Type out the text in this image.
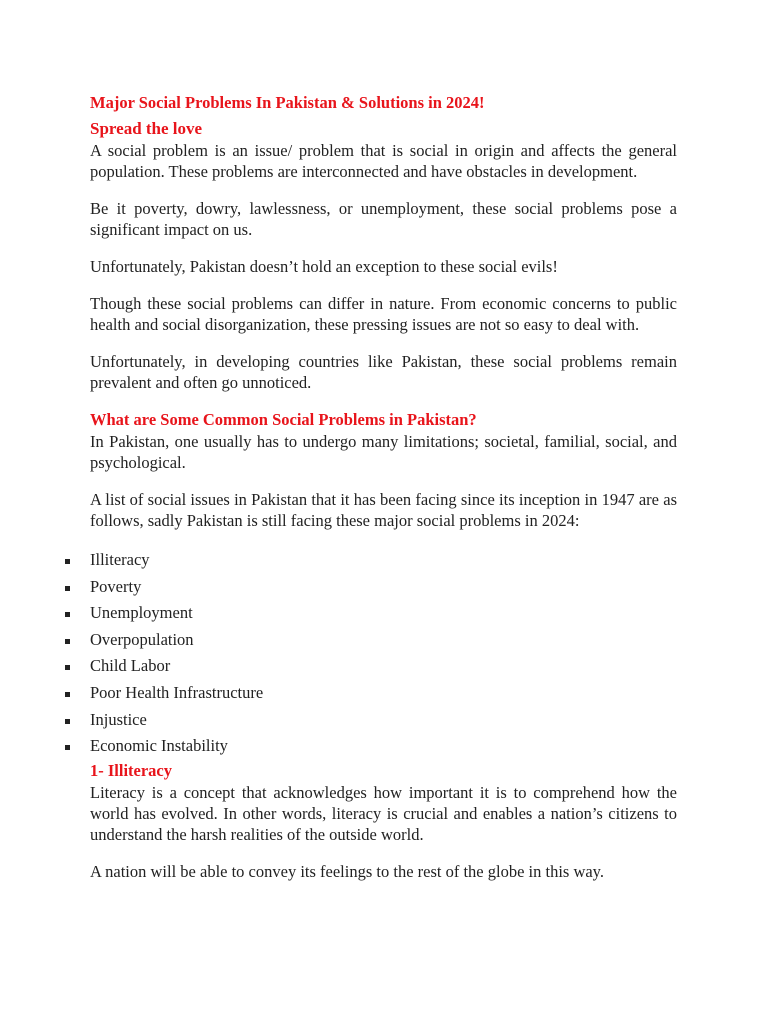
Major Social Problems In Pakistan & Solutions in 2024!
Spread the love

A social problem is an issue/ problem that is social in origin and affects the general population. These problems are interconnected and have obstacles in development.

Be it poverty, dowry, lawlessness, or unemployment, these social problems pose a significant impact on us.

Unfortunately, Pakistan doesn’t hold an exception to these social evils!

Though these social problems can differ in nature. From economic concerns to public health and social disorganization, these pressing issues are not so easy to deal with.

Unfortunately, in developing countries like Pakistan, these social problems remain prevalent and often go unnoticed.

What are Some Common Social Problems in Pakistan?

In Pakistan, one usually has to undergo many limitations; societal, familial, social, and psychological.

A list of social issues in Pakistan that it has been facing since its inception in 1947 are as follows, sadly Pakistan is still facing these major social problems in 2024:

Illiteracy
Poverty
Unemployment
Overpopulation
Child Labor
Poor Health Infrastructure
Injustice
Economic Instability
1- Illiteracy

Literacy is a concept that acknowledges how important it is to comprehend how the world has evolved. In other words, literacy is crucial and enables a nation’s citizens to understand the harsh realities of the outside world.

A nation will be able to convey its feelings to the rest of the globe in this way.
